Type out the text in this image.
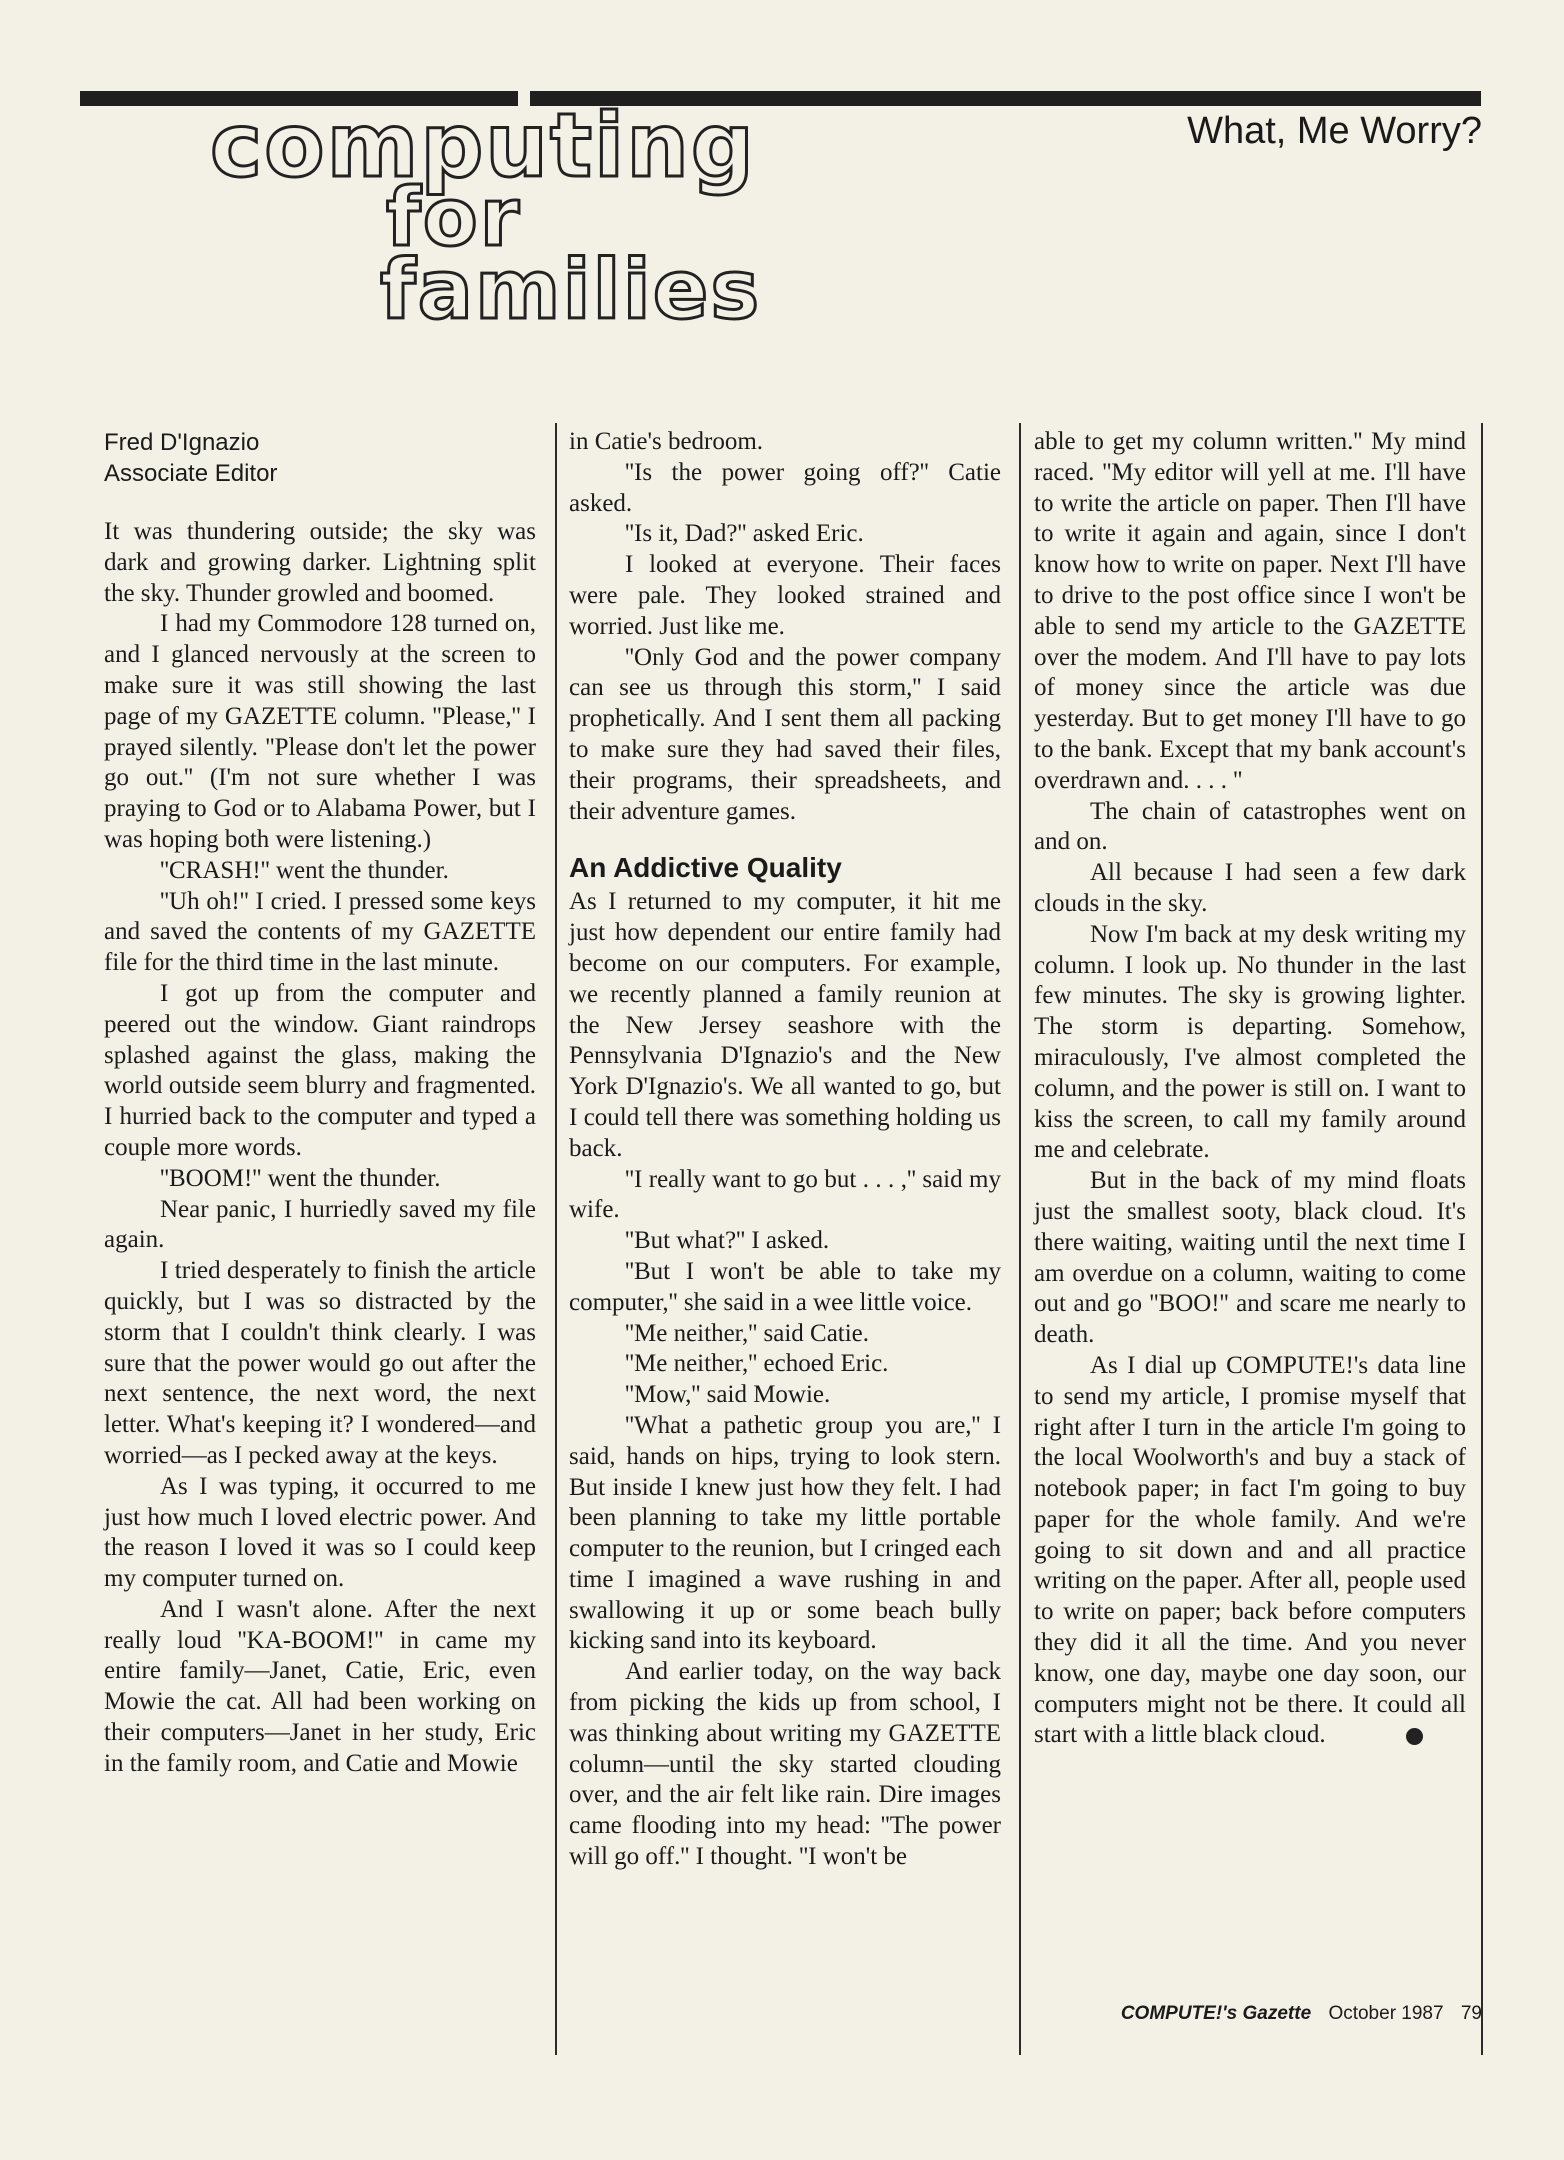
computing
for
families
What, Me Worry?
Fred D'Ignazio
Associate Editor

It was thundering outside; the sky was dark and growing darker. Lightning split the sky. Thunder growled and boomed.

I had my Commodore 128 turned on, and I glanced nervously at the screen to make sure it was still showing the last page of my GAZETTE column. ''Please,'' I prayed silently. ''Please don't let the power go out.'' (I'm not sure whether I was praying to God or to Alabama Power, but I was hoping both were listening.)

''CRASH!'' went the thunder.

''Uh oh!'' I cried. I pressed some keys and saved the contents of my GAZETTE file for the third time in the last minute.

I got up from the computer and peered out the window. Giant raindrops splashed against the glass, making the world outside seem blurry and fragmented. I hurried back to the computer and typed a couple more words.

''BOOM!'' went the thunder.

Near panic, I hurriedly saved my file again.

I tried desperately to finish the article quickly, but I was so distracted by the storm that I couldn't think clearly. I was sure that the power would go out after the next sentence, the next word, the next letter. What's keeping it? I wondered—and worried—as I pecked away at the keys.

As I was typing, it occurred to me just how much I loved electric power. And the reason I loved it was so I could keep my computer turned on.

And I wasn't alone. After the next really loud ''KA-BOOM!'' in came my entire family—Janet, Catie, Eric, even Mowie the cat. All had been working on their computers—Janet in her study, Eric in the family room, and Catie and Mowie

in Catie's bedroom.

''Is the power going off?'' Catie asked.

''Is it, Dad?'' asked Eric.

I looked at everyone. Their faces were pale. They looked strained and worried. Just like me.

''Only God and the power company can see us through this storm,'' I said prophetically. And I sent them all packing to make sure they had saved their files, their programs, their spreadsheets, and their adventure games.

An Addictive Quality

As I returned to my computer, it hit me just how dependent our entire family had become on our computers. For example, we recently planned a family reunion at the New Jersey seashore with the Pennsylvania D'Ignazio's and the New York D'Ignazio's. We all wanted to go, but I could tell there was something holding us back.

''I really want to go but . . . ,'' said my wife.

''But what?'' I asked.

''But I won't be able to take my computer,'' she said in a wee little voice.

''Me neither,'' said Catie.

''Me neither,'' echoed Eric.

''Mow,'' said Mowie.

''What a pathetic group you are,'' I said, hands on hips, trying to look stern. But inside I knew just how they felt. I had been planning to take my little portable computer to the reunion, but I cringed each time I imagined a wave rushing in and swallowing it up or some beach bully kicking sand into its keyboard.

And earlier today, on the way back from picking the kids up from school, I was thinking about writing my GAZETTE column—until the sky started clouding over, and the air felt like rain. Dire images came flooding into my head: ''The power will go off.'' I thought. ''I won't be

able to get my column written.'' My mind raced. ''My editor will yell at me. I'll have to write the article on paper. Then I'll have to write it again and again, since I don't know how to write on paper. Next I'll have to drive to the post office since I won't be able to send my article to the GAZETTE over the modem. And I'll have to pay lots of money since the article was due yesterday. But to get money I'll have to go to the bank. Except that my bank account's overdrawn and. . . . ''

The chain of catastrophes went on and on.

All because I had seen a few dark clouds in the sky.

Now I'm back at my desk writing my column. I look up. No thunder in the last few minutes. The sky is growing lighter. The storm is departing. Somehow, miraculously, I've almost completed the column, and the power is still on. I want to kiss the screen, to call my family around me and celebrate.

But in the back of my mind floats just the smallest sooty, black cloud. It's there waiting, waiting until the next time I am overdue on a column, waiting to come out and go ''BOO!'' and scare me nearly to death.

As I dial up COMPUTE!'s data line to send my article, I promise myself that right after I turn in the article I'm going to the local Woolworth's and buy a stack of notebook paper; in fact I'm going to buy paper for the whole family. And we're going to sit down and and all practice writing on the paper. After all, people used to write on paper; back before computers they did it all the time. And you never know, one day, maybe one day soon, our computers might not be there. It could all start with a little black cloud.

COMPUTE!'s Gazette October 1987 79
